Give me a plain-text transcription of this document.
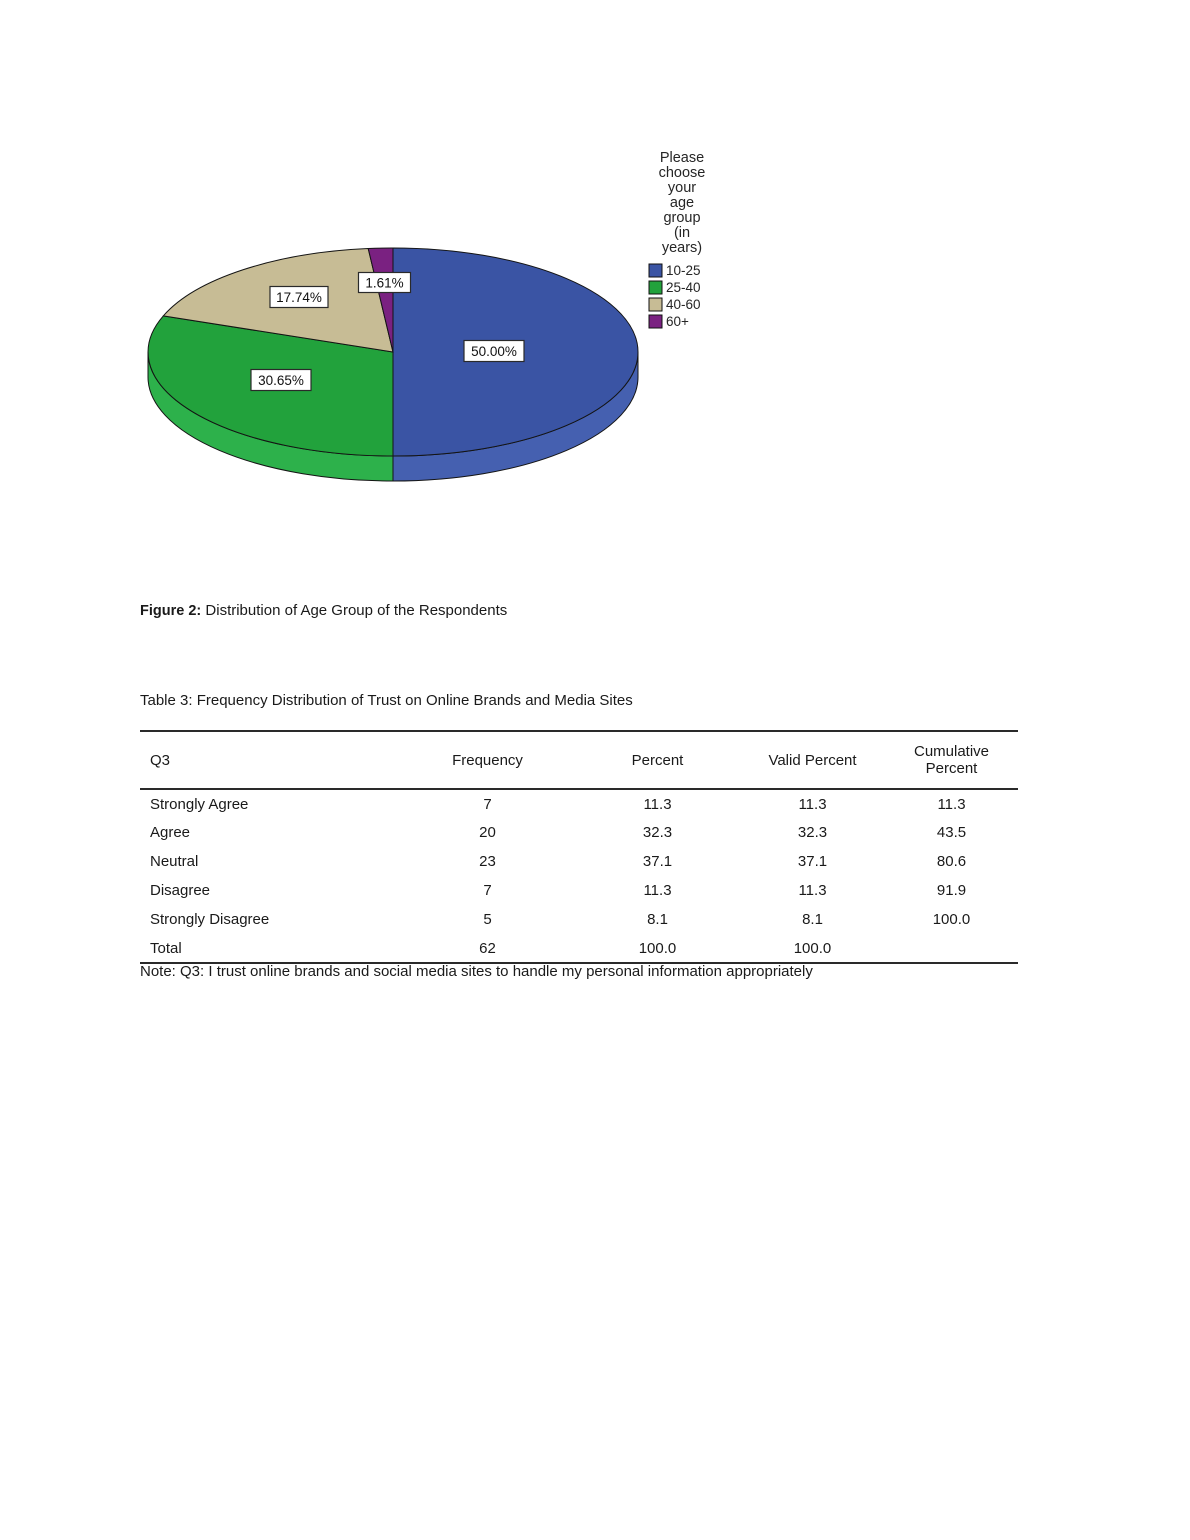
1.61%
17.74%
50.00%
30.65%
Please
choose
your
age
group
(in
years)
10-25
25-40
40-60
60+
Figure 2: Distribution of Age Group of the Respondents
Table 3: Frequency Distribution of Trust on Online Brands and Media Sites
Q3	Frequency	Percent	Valid Percent	Cumulative Percent
Strongly Agree	7	11.3	11.3	11.3
Agree	20	32.3	32.3	43.5
Neutral	23	37.1	37.1	80.6
Disagree	7	11.3	11.3	91.9
Strongly Disagree	5	8.1	8.1	100.0
Total	62	100.0	100.0	
Note: Q3: I trust online brands and social media sites to handle my personal information appropriately
